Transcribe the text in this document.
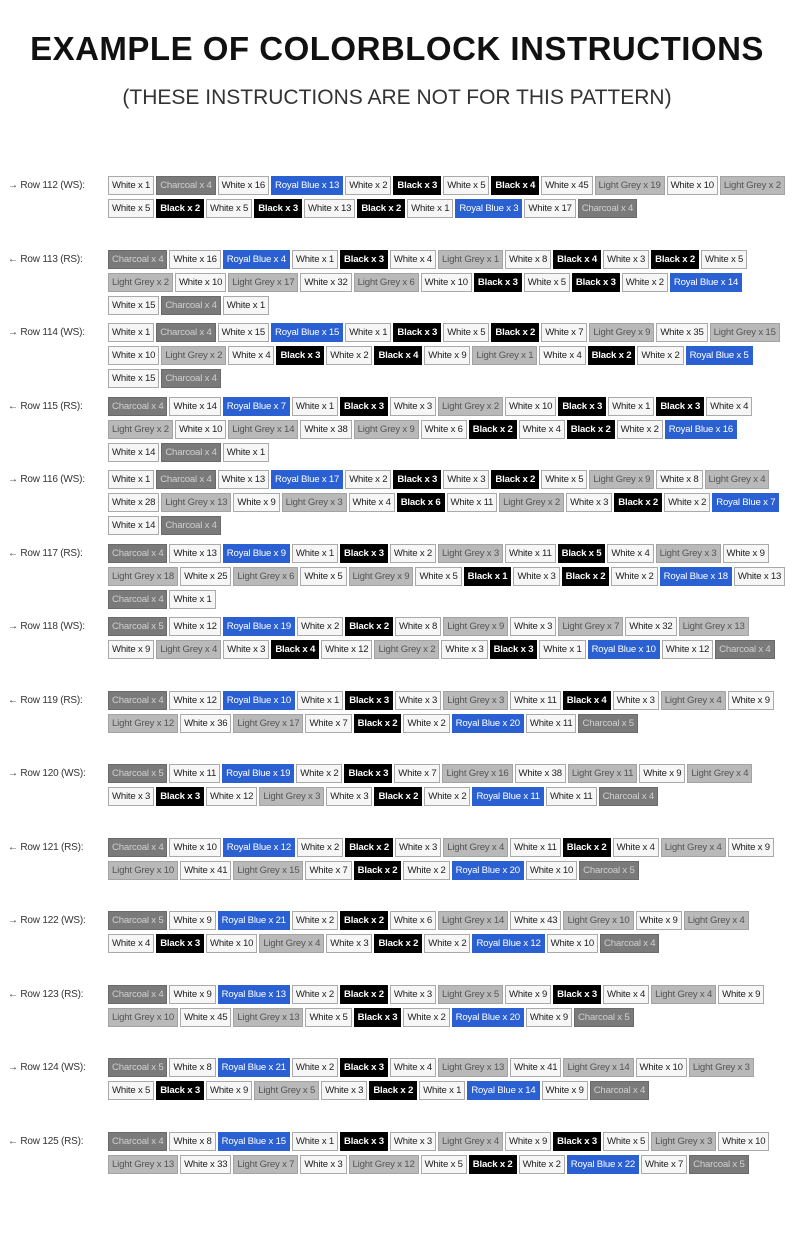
EXAMPLE OF COLORBLOCK INSTRUCTIONS
(THESE INSTRUCTIONS ARE NOT FOR THIS PATTERN)
→ Row 112 (WS):	White x 1	Charcoal x 4	White x 16	Royal Blue x 13	White x 2	Black x 3	White x 5	Black x 4	White x 45	Light Grey x 19	White x 10	Light Grey x 2
White x 5	Black x 2	White x 5	Black x 3	White x 13	Black x 2	White x 1	Royal Blue x 3	White x 17	Charcoal x 4
← Row 113 (RS):	Charcoal x 4	White x 16	Royal Blue x 4	White x 1	Black x 3	White x 4	Light Grey x 1	White x 8	Black x 4	White x 3	Black x 2	White x 5
Light Grey x 2	White x 10	Light Grey x 17	White x 32	Light Grey x 6	White x 10	Black x 3	White x 5	Black x 3	White x 2	Royal Blue x 14
White x 15	Charcoal x 4	White x 1
→ Row 114 (WS):	White x 1	Charcoal x 4	White x 15	Royal Blue x 15	White x 1	Black x 3	White x 5	Black x 2	White x 7	Light Grey x 9	White x 35	Light Grey x 15
White x 10	Light Grey x 2	White x 4	Black x 3	White x 2	Black x 4	White x 9	Light Grey x 1	White x 4	Black x 2	White x 2	Royal Blue x 5
White x 15	Charcoal x 4
← Row 115 (RS):	Charcoal x 4	White x 14	Royal Blue x 7	White x 1	Black x 3	White x 3	Light Grey x 2	White x 10	Black x 3	White x 1	Black x 3	White x 4
Light Grey x 2	White x 10	Light Grey x 14	White x 38	Light Grey x 9	White x 6	Black x 2	White x 4	Black x 2	White x 2	Royal Blue x 16
White x 14	Charcoal x 4	White x 1
→ Row 116 (WS):	White x 1	Charcoal x 4	White x 13	Royal Blue x 17	White x 2	Black x 3	White x 3	Black x 2	White x 5	Light Grey x 9	White x 8	Light Grey x 4
White x 28	Light Grey x 13	White x 9	Light Grey x 3	White x 4	Black x 6	White x 11	Light Grey x 2	White x 3	Black x 2	White x 2	Royal Blue x 7
White x 14	Charcoal x 4
← Row 117 (RS):	Charcoal x 4	White x 13	Royal Blue x 9	White x 1	Black x 3	White x 2	Light Grey x 3	White x 11	Black x 5	White x 4	Light Grey x 3	White x 9
Light Grey x 18	White x 25	Light Grey x 6	White x 5	Light Grey x 9	White x 5	Black x 1	White x 3	Black x 2	White x 2	Royal Blue x 18	White x 13
Charcoal x 4	White x 1
→ Row 118 (WS):	Charcoal x 5	White x 12	Royal Blue x 19	White x 2	Black x 2	White x 8	Light Grey x 9	White x 3	Light Grey x 7	White x 32	Light Grey x 13
White x 9	Light Grey x 4	White x 3	Black x 4	White x 12	Light Grey x 2	White x 3	Black x 3	White x 1	Royal Blue x 10	White x 12	Charcoal x 4
← Row 119 (RS):	Charcoal x 4	White x 12	Royal Blue x 10	White x 1	Black x 3	White x 3	Light Grey x 3	White x 11	Black x 4	White x 3	Light Grey x 4	White x 9
Light Grey x 12	White x 36	Light Grey x 17	White x 7	Black x 2	White x 2	Royal Blue x 20	White x 11	Charcoal x 5
→ Row 120 (WS):	Charcoal x 5	White x 11	Royal Blue x 19	White x 2	Black x 3	White x 7	Light Grey x 16	White x 38	Light Grey x 11	White x 9	Light Grey x 4
White x 3	Black x 3	White x 12	Light Grey x 3	White x 3	Black x 2	White x 2	Royal Blue x 11	White x 11	Charcoal x 4
← Row 121 (RS):	Charcoal x 4	White x 10	Royal Blue x 12	White x 2	Black x 2	White x 3	Light Grey x 4	White x 11	Black x 2	White x 4	Light Grey x 4	White x 9
Light Grey x 10	White x 41	Light Grey x 15	White x 7	Black x 2	White x 2	Royal Blue x 20	White x 10	Charcoal x 5
→ Row 122 (WS):	Charcoal x 5	White x 9	Royal Blue x 21	White x 2	Black x 2	White x 6	Light Grey x 14	White x 43	Light Grey x 10	White x 9	Light Grey x 4
White x 4	Black x 3	White x 10	Light Grey x 4	White x 3	Black x 2	White x 2	Royal Blue x 12	White x 10	Charcoal x 4
← Row 123 (RS):	Charcoal x 4	White x 9	Royal Blue x 13	White x 2	Black x 2	White x 3	Light Grey x 5	White x 9	Black x 3	White x 4	Light Grey x 4	White x 9
Light Grey x 10	White x 45	Light Grey x 13	White x 5	Black x 3	White x 2	Royal Blue x 20	White x 9	Charcoal x 5
→ Row 124 (WS):	Charcoal x 5	White x 8	Royal Blue x 21	White x 2	Black x 3	White x 4	Light Grey x 13	White x 41	Light Grey x 14	White x 10	Light Grey x 3
White x 5	Black x 3	White x 9	Light Grey x 5	White x 3	Black x 2	White x 1	Royal Blue x 14	White x 9	Charcoal x 4
← Row 125 (RS):	Charcoal x 4	White x 8	Royal Blue x 15	White x 1	Black x 3	White x 3	Light Grey x 4	White x 9	Black x 3	White x 5	Light Grey x 3	White x 10
Light Grey x 13	White x 33	Light Grey x 7	White x 3	Light Grey x 12	White x 5	Black x 2	White x 2	Royal Blue x 22	White x 7	Charcoal x 5
